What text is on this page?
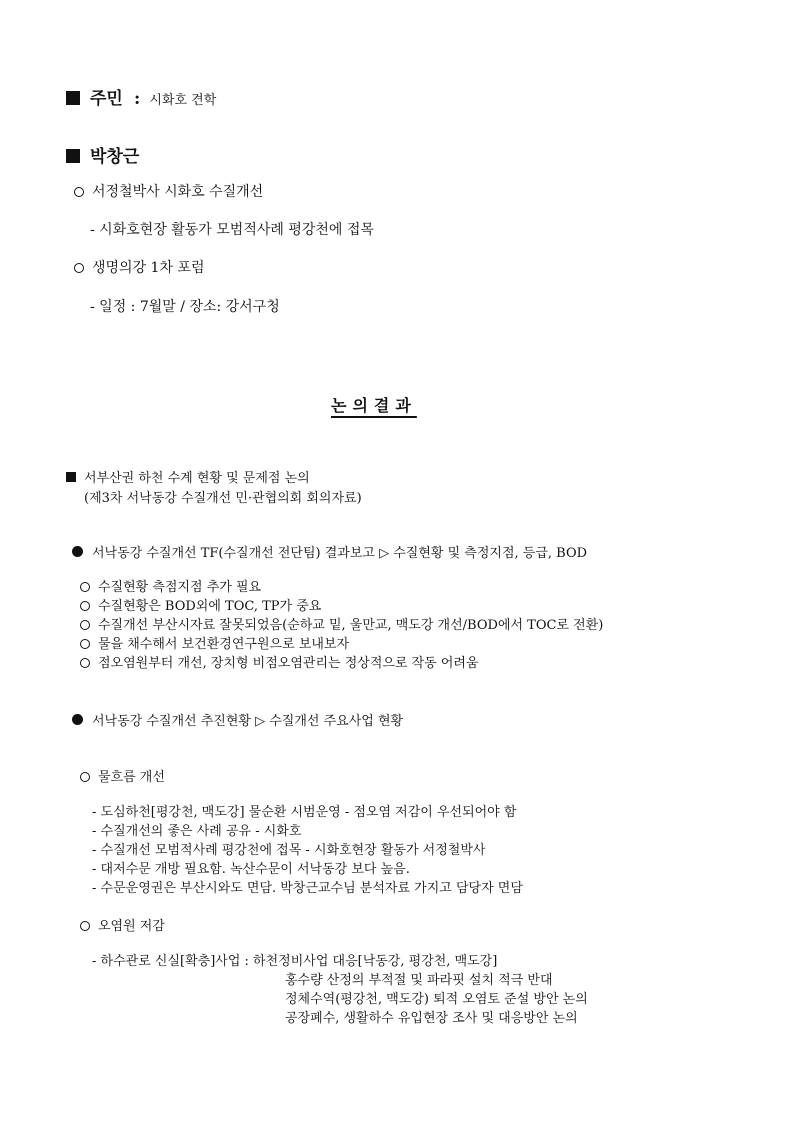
주민 : 시화호 견학
박창근
서정철박사 시화호 수질개선
- 시화호현장 활동가 모범적사례 평강천에 접목
생명의강 1차 포럼
- 일정 : 7월말 / 장소: 강서구청
논의결과
서부산권 하천 수계 현황 및 문제점 논의
(제3차 서낙동강 수질개선 민·관협의회 회의자료)
서낙동강 수질개선 TF(수질개선 전단팀) 결과보고 ▷ 수질현황 및 측정지점, 등급, BOD
수질현황 측점지점 추가 필요
수질현황은 BOD외에 TOC, TP가 중요
수질개선 부산시자료 잘못되었음(순하교 밑, 울만교, 맥도강 개선/BOD에서 TOC로 전환)
물을 채수해서 보건환경연구원으로 보내보자
점오염원부터 개선, 장치형 비점오염관리는 정상적으로 작동 어려움
서낙동강 수질개선 추진현황 ▷ 수질개선 주요사업 현황
물흐름 개선
- 도심하천[평강천, 맥도강] 물순환 시범운영 - 점오염 저감이 우선되어야 함
- 수질개선의 좋은 사례 공유 - 시화호
- 수질개선 모범적사례 평강천에 접목 - 시화호현장 활동가 서정철박사
- 대저수문 개방 필요함. 녹산수문이 서낙동강 보다 높음.
- 수문운영권은 부산시와도 면담. 박창근교수님 분석자료 가지고 담당자 면담
오염원 저감
- 하수관로 신실[확충]사업 : 하천정비사업 대응[낙동강, 평강천, 맥도강]
홍수량 산정의 부적절 및 파라핏 설치 적극 반대
정체수역(평강천, 맥도강) 퇴적 오염토 준설 방안 논의
공장폐수, 생활하수 유입현장 조사 및 대응방안 논의
